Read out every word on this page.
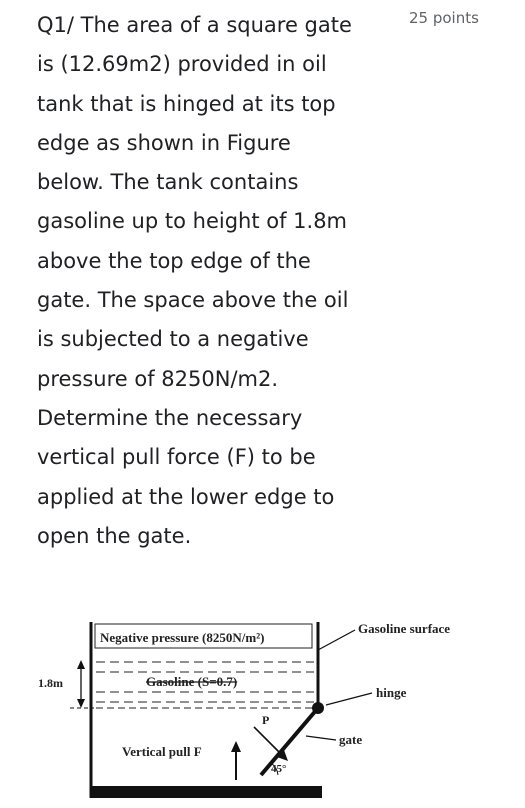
Q1/ The area of a square gate
is (12.69m2) provided in oil
tank that is hinged at its top
edge as shown in Figure
below. The tank contains
gasoline up to height of 1.8m
above the top edge of the
gate. The space above the oil
is subjected to a negative
pressure of 8250N/m2.
Determine the necessary
vertical pull force (F) to be
applied at the lower edge to
open the gate.
25 points
Negative pressure (8250N/m²)
Gasoline surface
Gasoline (S=0.7)
1.8m
hinge
gate
P
Vertical pull F
45°
